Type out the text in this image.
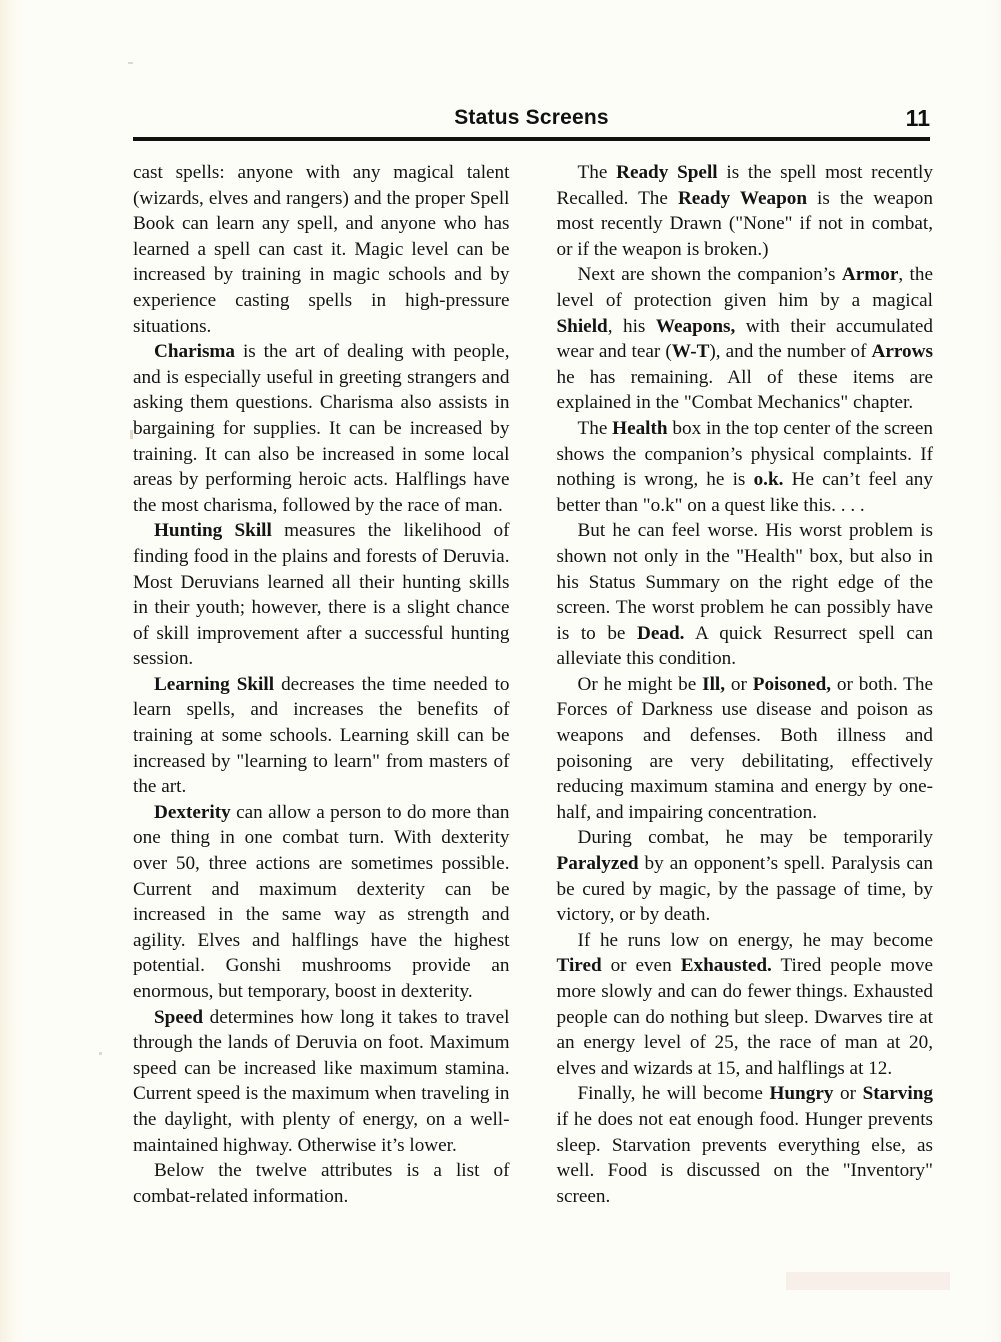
Status Screens	11

cast spells: anyone with any magical talent (wizards, elves and rangers) and the proper Spell Book can learn any spell, and anyone who has learned a spell can cast it. Magic level can be increased by training in magic schools and by experience casting spells in high-pressure situations.

Charisma is the art of dealing with people, and is especially useful in greeting strangers and asking them questions. Charisma also assists in bargaining for supplies. It can be increased by training. It can also be increased in some local areas by performing heroic acts. Halflings have the most charisma, followed by the race of man.

Hunting Skill measures the likelihood of finding food in the plains and forests of Deruvia. Most Deruvians learned all their hunting skills in their youth; however, there is a slight chance of skill improvement after a successful hunting session.

Learning Skill decreases the time needed to learn spells, and increases the benefits of training at some schools. Learning skill can be increased by "learning to learn" from masters of the art.

Dexterity can allow a person to do more than one thing in one combat turn. With dexterity over 50, three actions are sometimes possible. Current and maximum dexterity can be increased in the same way as strength and agility. Elves and halflings have the highest potential. Gonshi mushrooms provide an enormous, but temporary, boost in dexterity.

Speed determines how long it takes to travel through the lands of Deruvia on foot. Maximum speed can be increased like maximum stamina. Current speed is the maximum when traveling in the daylight, with plenty of energy, on a well-maintained highway. Otherwise it’s lower.

Below the twelve attributes is a list of combat-related information.

The Ready Spell is the spell most recently Recalled. The Ready Weapon is the weapon most recently Drawn ("None" if not in combat, or if the weapon is broken.)

Next are shown the companion’s Armor, the level of protection given him by a magical Shield, his Weapons, with their accumulated wear and tear (W-T), and the number of Arrows he has remaining. All of these items are explained in the "Combat Mechanics" chapter.

The Health box in the top center of the screen shows the companion’s physical complaints. If nothing is wrong, he is o.k. He can’t feel any better than "o.k" on a quest like this. . . .

But he can feel worse. His worst problem is shown not only in the "Health" box, but also in his Status Summary on the right edge of the screen. The worst problem he can possibly have is to be Dead. A quick Resurrect spell can alleviate this condition.

Or he might be Ill, or Poisoned, or both. The Forces of Darkness use disease and poison as weapons and defenses. Both illness and poisoning are very debilitating, effectively reducing maximum stamina and energy by one-half, and impairing concentration.

During combat, he may be temporarily Paralyzed by an opponent’s spell. Paralysis can be cured by magic, by the passage of time, by victory, or by death.

If he runs low on energy, he may become Tired or even Exhausted. Tired people move more slowly and can do fewer things. Exhausted people can do nothing but sleep. Dwarves tire at an energy level of 25, the race of man at 20, elves and wizards at 15, and halflings at 12.

Finally, he will become Hungry or Starving if he does not eat enough food. Hunger prevents sleep. Starvation prevents everything else, as well. Food is discussed on the "Inventory" screen.
